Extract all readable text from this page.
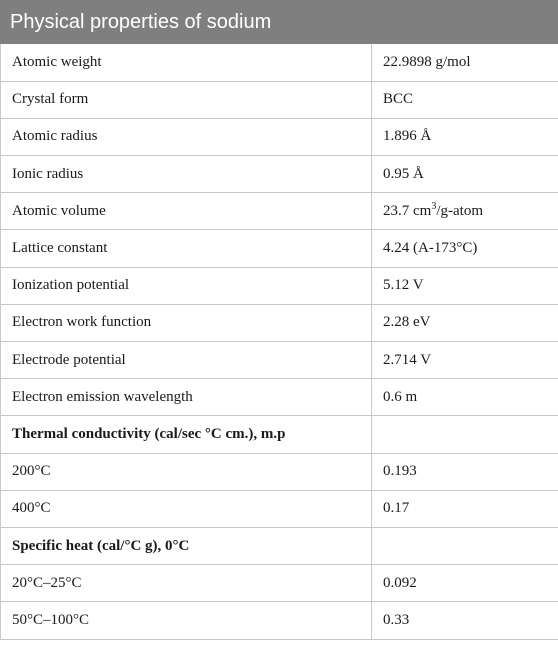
Physical properties of sodium
Atomic weight	22.9898 g/mol
Crystal form	BCC
Atomic radius	1.896 Å
Ionic radius	0.95 Å
Atomic volume	23.7 $cm^3/g$-atom
Lattice constant	4.24 (A-173°C)
Ionization potential	5.12 V
Electron work function	2.28 eV
Electrode potential	2.714 V
Electron emission wavelength	0.6 m
Thermal conductivity (cal/sec °C cm.), m.p	
200°C	0.193
400°C	0.17
Specific heat (cal/°C g), 0°C	
20°C–25°C	0.092
50°C–100°C	0.33
